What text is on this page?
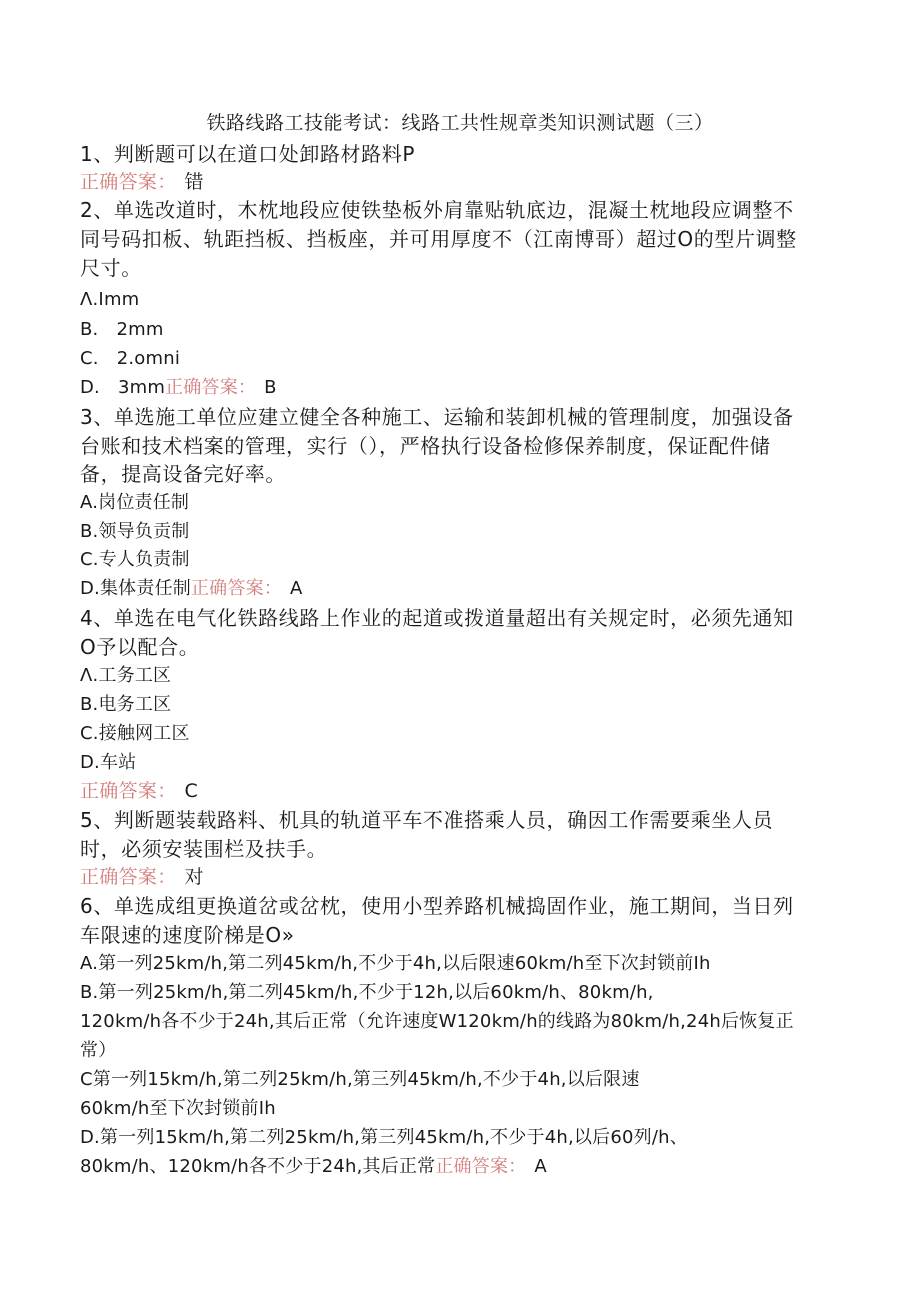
铁路线路工技能考试：线路工共性规章类知识测试题（三）
1、判断题可以在道口处卸路材路料P
正确答案： 错
2、单选改道时，木枕地段应使铁垫板外肩靠贴轨底边，混凝土枕地段应调整不
同号码扣板、轨距挡板、挡板座，并可用厚度不（江南博哥）超过O的型片调整
尺寸。
Λ.Imm
B. 2mm
C. 2.omni
D. 3mm正确答案： B
3、单选施工单位应建立健全各种施工、运输和装卸机械的管理制度，加强设备
台账和技术档案的管理，实行（），严格执行设备检修保养制度，保证配件储
备，提高设备完好率。
A.岗位责任制
B.领导负贡制
C.专人负责制
D.集体责任制正确答案： A
4、单选在电气化铁路线路上作业的起道或拨道量超出有关规定时，必须先通知
O予以配合。
Λ.工务工区
B.电务工区
C.接触网工区
D.车站
正确答案： C
5、判断题装载路料、机具的轨道平车不准搭乘人员，确因工作需要乘坐人员
时，必须安装围栏及扶手。
正确答案： 对
6、单选成组更换道岔或岔枕，使用小型养路机械捣固作业，施工期间，当日列
车限速的速度阶梯是O»
A.第一列25km∕h,第二列45km∕h,不少于4h,以后限速60km∕h至下次封锁前Ih
B.第一列25km∕h,第二列45km∕h,不少于12h,以后60km/h、80km/h,
120km∕h各不少于24h,其后正常（允许速度W120km∕h的线路为80km∕h,24h后恢复正
常）
C第一列15km∕h,第二列25km∕h,第三列45km∕h,不少于4h,以后限速
60km∕h至下次封锁前Ih
D.第一列15km∕h,第二列25km∕h,第三列45km∕h,不少于4h,以后60列/h、
80km/h、120km∕h各不少于24h,其后正常正确答案： A
